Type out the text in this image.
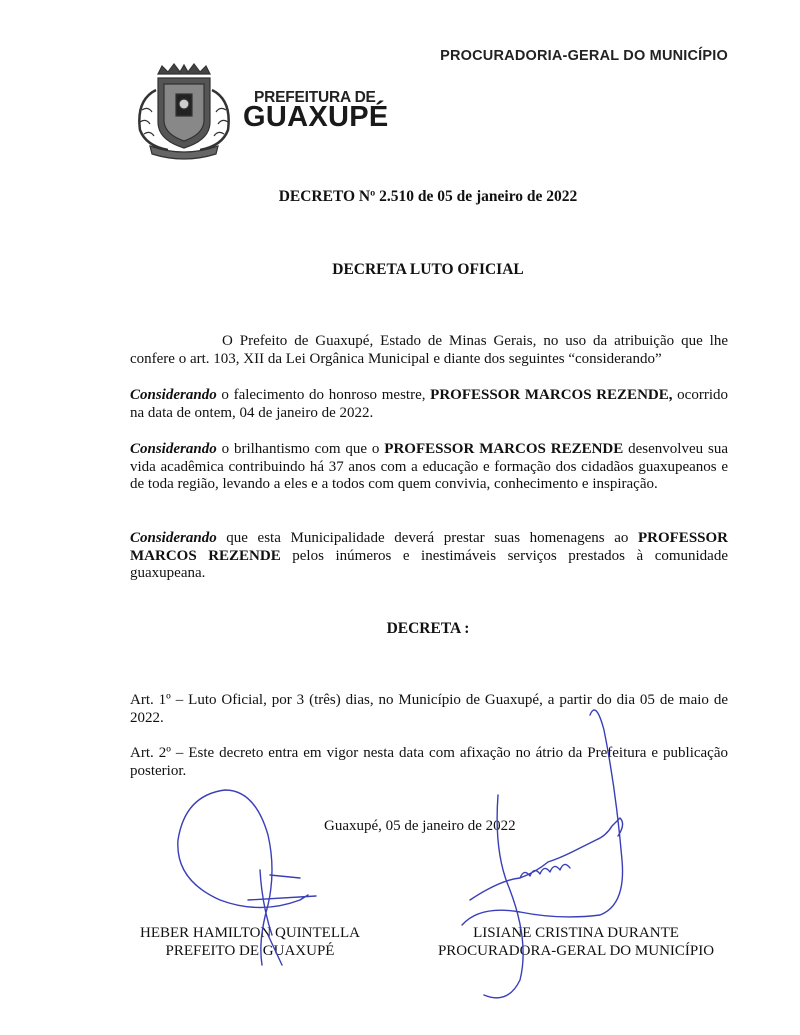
PROCURADORIA-GERAL DO MUNICÍPIO
PREFEITURA DE
GUAXUPÉ
DECRETO Nº 2.510 de 05 de janeiro de 2022
DECRETA LUTO OFICIAL
O Prefeito de Guaxupé, Estado de Minas Gerais, no uso da atribuição que lhe confere o art. 103, XII da Lei Orgânica Municipal e diante dos seguintes “considerando”
Considerando o falecimento do honroso mestre, PROFESSOR MARCOS REZENDE, ocorrido na data de ontem, 04 de janeiro de 2022.
Considerando o brilhantismo com que o PROFESSOR MARCOS REZENDE desenvolveu sua vida acadêmica contribuindo há 37 anos com a educação e formação dos cidadãos guaxupeanos e de toda região, levando a eles e a todos com quem convivia, conhecimento e inspiração.
Considerando que esta Municipalidade deverá prestar suas homenagens ao PROFESSOR MARCOS REZENDE pelos inúmeros e inestimáveis serviços prestados à comunidade guaxupeana.
DECRETA :
Art. 1º – Luto Oficial, por 3 (três) dias, no Município de Guaxupé, a partir do dia 05 de maio de 2022.
Art. 2º – Este decreto entra em vigor nesta data com afixação no átrio da Prefeitura e publicação posterior.
Guaxupé, 05 de janeiro de 2022
HEBER HAMILTON QUINTELLA
PREFEITO DE GUAXUPÉ
LISIANE CRISTINA DURANTE
PROCURADORA-GERAL DO MUNICÍPIO
